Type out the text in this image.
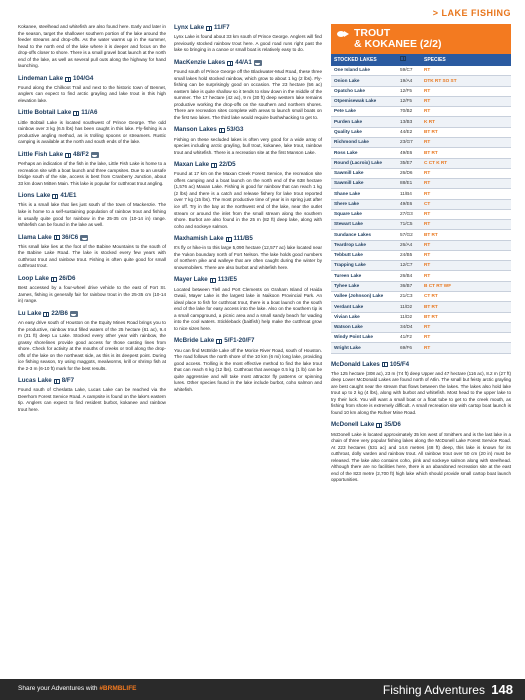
> LAKE FISHING

Kokanee, steelhead and whitefish are also found here. Early and later in the season, target the shallower southern portion of the lake around the feeder streams and drop-offs. As the water warms up in the summer, head to the north end of the lake where it is deeper and focus on the drop-offs closer to shore. There is a small gravel boat launch at the north end of the lake, as well as several pull outs along the highway for hand launching.

Lindeman Lake 104/G4

Found along the Chilkoot Trail and next to the historic town of Bennet, anglers can expect to find arctic grayling and lake trout in this high elevation lake.

Little Bobtail Lake 11/A6

Little Bobtail Lake is located southwest of Prince George. The odd rainbow over 3 kg (6.5 lbs) has been caught in this lake. Fly-fishing is a productive angling method, as is trolling spoons or streamers. Rustic camping is available at the north and south ends of the lake.

Little Fish Lake 48/F2

Perhaps an indication of the fish in the lake, Little Fish Lake is home to a recreation site with a boat launch and three campsites. Due to an unsafe bridge south of the site, access is best from Cranberry Junction, about 33 km down Mitten Main. This lake is popular for cutthroat trout angling.

Lions Lake 41/E1

This is a small lake that lies just south of the town of Mackenzie. The lake is home to a self-sustaining population of rainbow trout and fishing is usually quite good for rainbow in the 25-35 cm (10-14 in) range. Whitefish can be found in the lake as well.

Llama Lake 36/C6

This small lake lies at the foot of the Babine Mountains to the south of the Babine Lake Road. The lake is stocked every few years with cutthroat trout and rainbow trout. Fishing is often quite good for small cutthroat trout.

Loop Lake 26/D6

Best accessed by a four-wheel drive vehicle to the east of Fort St. James, fishing is generally fair for rainbow trout in the 25-35 cm (10-14 in) range.

Lu Lake 22/B6

An easy drive south of Houston on the Equity Mines Road brings you to the productive, rainbow trout filled waters of the 25 hectare (61 ac), 9.4 m (31 ft) deep Lu Lake. Stocked every other year with rainbow, the grassy shorelines provide good access for those casting lines from shore. Check for activity at the mouths of creeks or troll along the drop-offs of the lake on the northeast side, as this is its deepest point. During ice fishing season, try using maggots, mealworms, krill or shrimp fish at the 2-3 m (6-10 ft) mark for the best results.

Lucas Lake 8/F7

Found south of Cheslatta Lake, Lucas Lake can be reached via the Deerhorn Forest Service Road. A campsite is found on the lake's eastern tip. Anglers can expect to find resident burbot, kokanee and rainbow trout here.

Lynx Lake 11/F7

Lynx Lake is found about 33 km south of Prince George. Anglers will find previously stocked rainbow trout here. A good road runs right past the lake so bringing in a canoe or small boat is relatively easy to do.

MacKenzie Lakes 44/A1

Found south of Prince George off the Blackwater-Mud Road, these three small lakes hold stocked rainbow, which grow to about 1 kg (2 lbs). Fly-fishing can be surprisingly good on occasion. The 23 hectare (56 ac) eastern lake is quite shallow so it tends to slow down in the middle of the summer. The 17 hectare (42 ac), 9 m (30 ft) deep western lake remains productive working the drop-offs on the southern and northern shores. There are recreation sites complete with areas to launch small boats on the first two lakes. The third lake would require bushwhacking to get to.

Manson Lakes 53/G3

Fishing on these secluded lakes is often very good for a wide array of species including arctic grayling, bull trout, kokanee, lake trout, rainbow trout and whitefish. There is a recreation site at the first Manson Lake.

Maxan Lake 22/D5

Found at 17 km on the Maxan Creek Forest Service, the recreation site offers camping and a boat launch on the north end of the 638 hectare (1,576 ac) Maxan Lake. Fishing is good for rainbow that can reach 1 kg (2 lbs) and there is a catch and release fishery for lake trout reported over 7 kg (15 lbs). The most productive time of year is in spring just after ice off. Try in the bay at the northwest end of the lake, near the outlet stream or around the inlet from the small stream along the southern shore. Burbot are also found in the 25 m (82 ft) deep lake, along with coho and sockeye salmon.

Maxhamish Lake 111/B5

It's fly or hike-in to this large 5,090 hectare (12,577 ac) lake located near the Yukon boundary north of Fort Nelson. The lake holds good numbers of northern pike and walleye that are often caught during the winter by snowmobilers. There are also burbot and whitefish here.

Mayer Lake 113/E5

Located between Tlell and Port Clements on Graham Island of Haida Gwaii, Mayer Lake is the largest lake in Naikoon Provincial Park. An ideal place to fish for cutthroat trout, there is a boat launch on the south end of the lake for easy access into the lake. Also on the southern tip is a small campground, a picnic area and a small sandy beach for wading into the cool waters. Stickleback (baitfish) help make the cutthroat grow to nice sizes here.

McBride Lake 5/F1-20/F7

You can find McBride Lake off the Morice River Road, south of Houston. The road follows the north shore of the 10 km (6 mi) long lake, providing good access. Trolling is the most effective method to find the lake trout that can reach 6 kg (12 lbs). Cutthroat that average 0.5 kg (1 lb) can be quite aggressive and will take most attractor fly patterns or spinning lures. Other species found in the lake include burbot, coho salmon and whitefish.

TROUT
& KOKANEE (2/2)
STOCKED LAKES		SPECIES
One Island Lake	59/C7	RT
Onion Lake	19/A4	DTK RT SO ST
Opatcho Lake	12/F5	RT
Otpemisewak Lake	12/F5	RT
Pete Lake	70/B2	RT
Purden Lake	13/B3	K RT
Quality Lake	44/E2	BT RT
Richmond Lake	23/G7	RT
Ross Lake	49/E6	BT RT
Round (Lacroix) Lake	35/E7	C CT K RT
Sawmill Lake	26/D6	RT
Sawmill Lake	88/E1	RT
Shane Lake	11/B4	RT
Shere Lake	49/E6	CT
Square Lake	27/G3	RT
Stewart Lake	71/C5	RT
Sundance Lakes	57/G2	BT RT
Teardrop Lake	26/A4	RT
Tebbutt Lake	24/B5	RT
Trapping Lake	12/C7	RT
Tureen Lake	26/B4	RT
Tyhee Lake	36/B7	B CT RT WF
Vallee (Johnson) Lake	21/C3	CT RT
Verdant Lake	11/D2	BT RT
Vivian Lake	11/D2	BT RT
Watson Lake	34/D4	RT
Windy Point Lake	41/F2	RT
Wright Lake	69/F6	RT
McDonald Lakes 105/F4

The 125 hectare (308 ac), 23 m (74 ft) deep Upper and 47 hectare (116 ac), 8.2 m (27 ft) deep Lower McDonald Lakes are found north of Atlin. The small but feisty arctic grayling are best caught near the stream that flows between the lakes. The lakes also hold lake trout up to 2 kg (4 lbs), along with burbot and whitefish. Most head to the upper lake to try their luck. You will want a small boat or a float tube to get to the creek mouth, as fishing from shore is extremely difficult. A small recreation site with cartop boat launch is found 10 km along the Rufner Mine Road.

McDonell Lake 35/D6

McDonell Lake is located approximately 35 km west of Smithers and is the last lake in a chain of three very popular fishing lakes along the McDonell Lake Forest Service Road. At 223 hectares (531 ac) and 14.6 metres (48 ft) deep, this lake is known for its cutthroat, dolly varden and rainbow trout. All rainbow trout over 50 cm (20 in) must be released. The lake also contains coho, pink and sockeye salmon along with steelhead. Although there are no facilities here, there is an abandoned recreation site at the east end of the 823 metre (2,700 ft) high lake which should provide small cartop boat launch opportunities.

Share your Adventures with #BRMBLIFE	Fishing Adventures 148
